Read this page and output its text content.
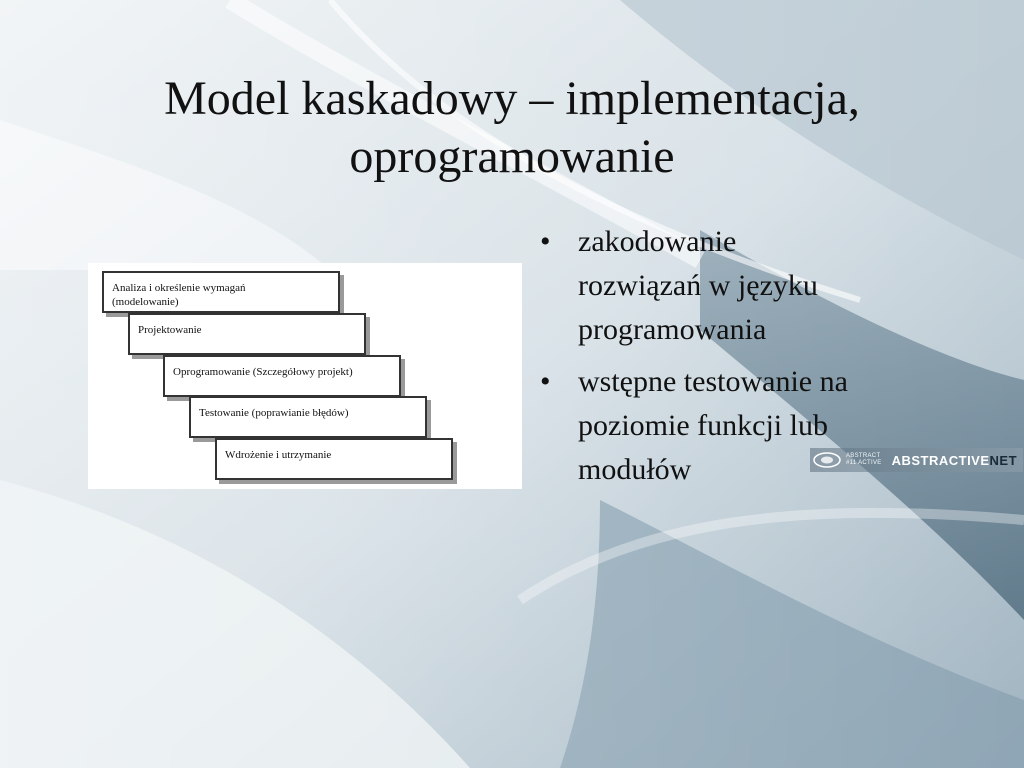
ABSTRACT
#11 ACTIVE ABSTRACTIVENET
Model kaskadowy – implementacja,
oprogramowanie
Analiza i określenie wymagań
(modelowanie)
Projektowanie
Oprogramowanie (Szczegółowy projekt)
Testowanie (poprawianie błędów)
Wdrożenie i utrzymanie
• zakodowanie
rozwiązań w języku
programowania
• wstępne testowanie na
poziomie funkcji lub
modułów
